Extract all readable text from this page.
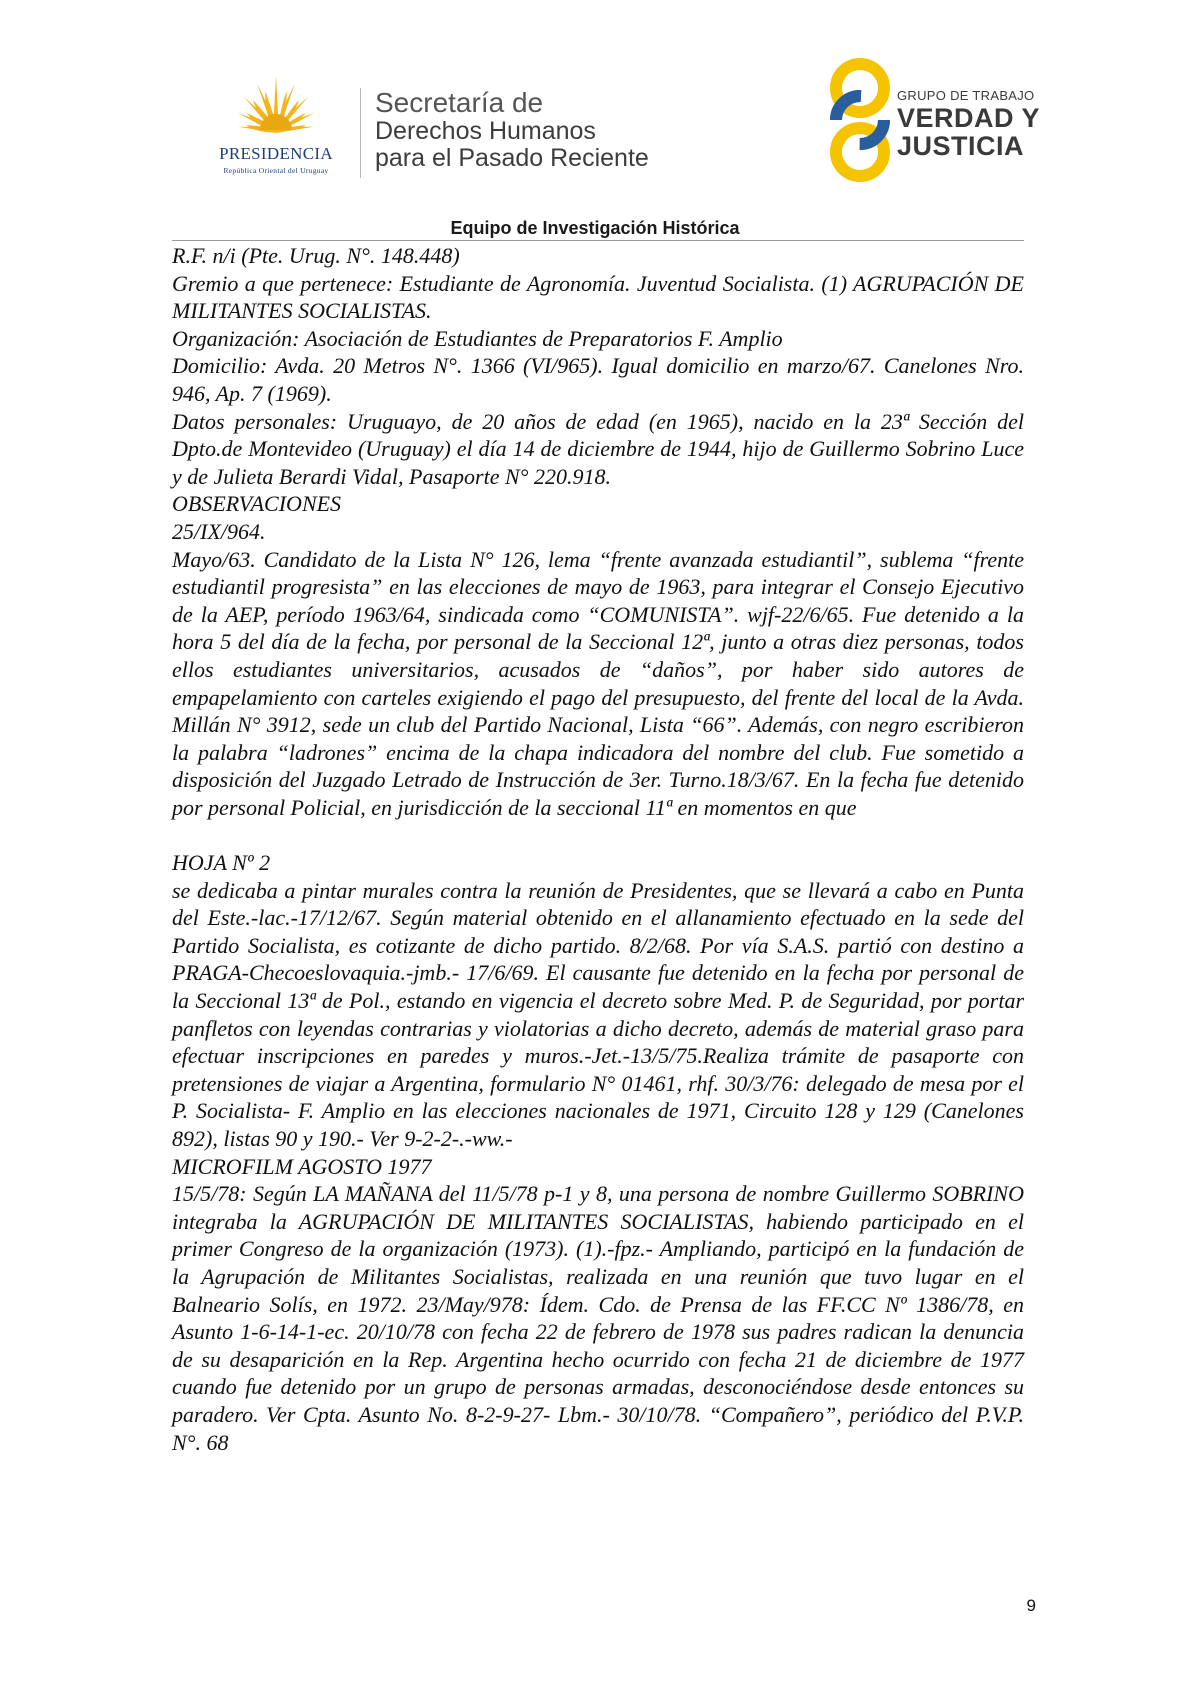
PRESIDENCIA
República Oriental del Uruguay
Secretaría de
Derechos Humanos
para el Pasado Reciente
GRUPO DE TRABAJO
VERDAD Y
JUSTICIA
Equipo de Investigación Histórica

R.F. n/i (Pte. Urug. N°. 148.448)

Gremio a que pertenece: Estudiante de Agronomía. Juventud Socialista. (1) AGRUPACIÓN DE MILITANTES SOCIALISTAS.

Organización: Asociación de Estudiantes de Preparatorios F. Amplio

Domicilio: Avda. 20 Metros N°. 1366 (VI/965). Igual domicilio en marzo/67. Canelones Nro. 946, Ap. 7 (1969).

Datos personales: Uruguayo, de 20 años de edad (en 1965), nacido en la 23ª Sección del Dpto.de Montevideo (Uruguay) el día 14 de diciembre de 1944, hijo de Guillermo Sobrino Luce y de Julieta Berardi Vidal, Pasaporte N° 220.918.

OBSERVACIONES

25/IX/964.

Mayo/63. Candidato de la Lista N° 126, lema “frente avanzada estudiantil”, sublema “frente estudiantil progresista” en las elecciones de mayo de 1963, para integrar el Consejo Ejecutivo de la AEP, período 1963/64, sindicada como “COMUNISTA”. wjf-22/6/65. Fue detenido a la hora 5 del día de la fecha, por personal de la Seccional 12ª, junto a otras diez personas, todos ellos estudiantes universitarios, acusados de “daños”, por haber sido autores de empapelamiento con carteles exigiendo el pago del presupuesto, del frente del local de la Avda. Millán N° 3912, sede un club del Partido Nacional, Lista “66”. Además, con negro escribieron la palabra “ladrones” encima de la chapa indicadora del nombre del club. Fue sometido a disposición del Juzgado Letrado de Instrucción de 3er. Turno.18/3/67. En la fecha fue detenido por personal Policial, en jurisdicción de la seccional 11ª en momentos en que

HOJA Nº 2

se dedicaba a pintar murales contra la reunión de Presidentes, que se llevará a cabo en Punta del Este.-lac.-17/12/67. Según material obtenido en el allanamiento efectuado en la sede del Partido Socialista, es cotizante de dicho partido. 8/2/68. Por vía S.A.S. partió con destino a PRAGA-Checoeslovaquia.-jmb.- 17/6/69. El causante fue detenido en la fecha por personal de la Seccional 13ª de Pol., estando en vigencia el decreto sobre Med. P. de Seguridad, por portar panfletos con leyendas contrarias y violatorias a dicho decreto, además de material graso para efectuar inscripciones en paredes y muros.-Jet.-13/5/75.Realiza trámite de pasaporte con pretensiones de viajar a Argentina, formulario N° 01461, rhf. 30/3/76: delegado de mesa por el P. Socialista- F. Amplio en las elecciones nacionales de 1971, Circuito 128 y 129 (Canelones 892), listas 90 y 190.- Ver 9-2-2-.-ww.-

MICROFILM AGOSTO 1977

15/5/78: Según LA MAÑANA del 11/5/78 p-1 y 8, una persona de nombre Guillermo SOBRINO integraba la AGRUPACIÓN DE MILITANTES SOCIALISTAS, habiendo participado en el primer Congreso de la organización (1973). (1).-fpz.- Ampliando, participó en la fundación de la Agrupación de Militantes Socialistas, realizada en una reunión que tuvo lugar en el Balneario Solís, en 1972. 23/May/978: Ídem. Cdo. de Prensa de las FF.CC Nº 1386/78, en Asunto 1-6-14-1-ec. 20/10/78 con fecha 22 de febrero de 1978 sus padres radican la denuncia de su desaparición en la Rep. Argentina hecho ocurrido con fecha 21 de diciembre de 1977 cuando fue detenido por un grupo de personas armadas, desconociéndose desde entonces su paradero. Ver Cpta. Asunto No. 8-2-9-27- Lbm.- 30/10/78. “Compañero”, periódico del P.V.P. N°. 68

9
